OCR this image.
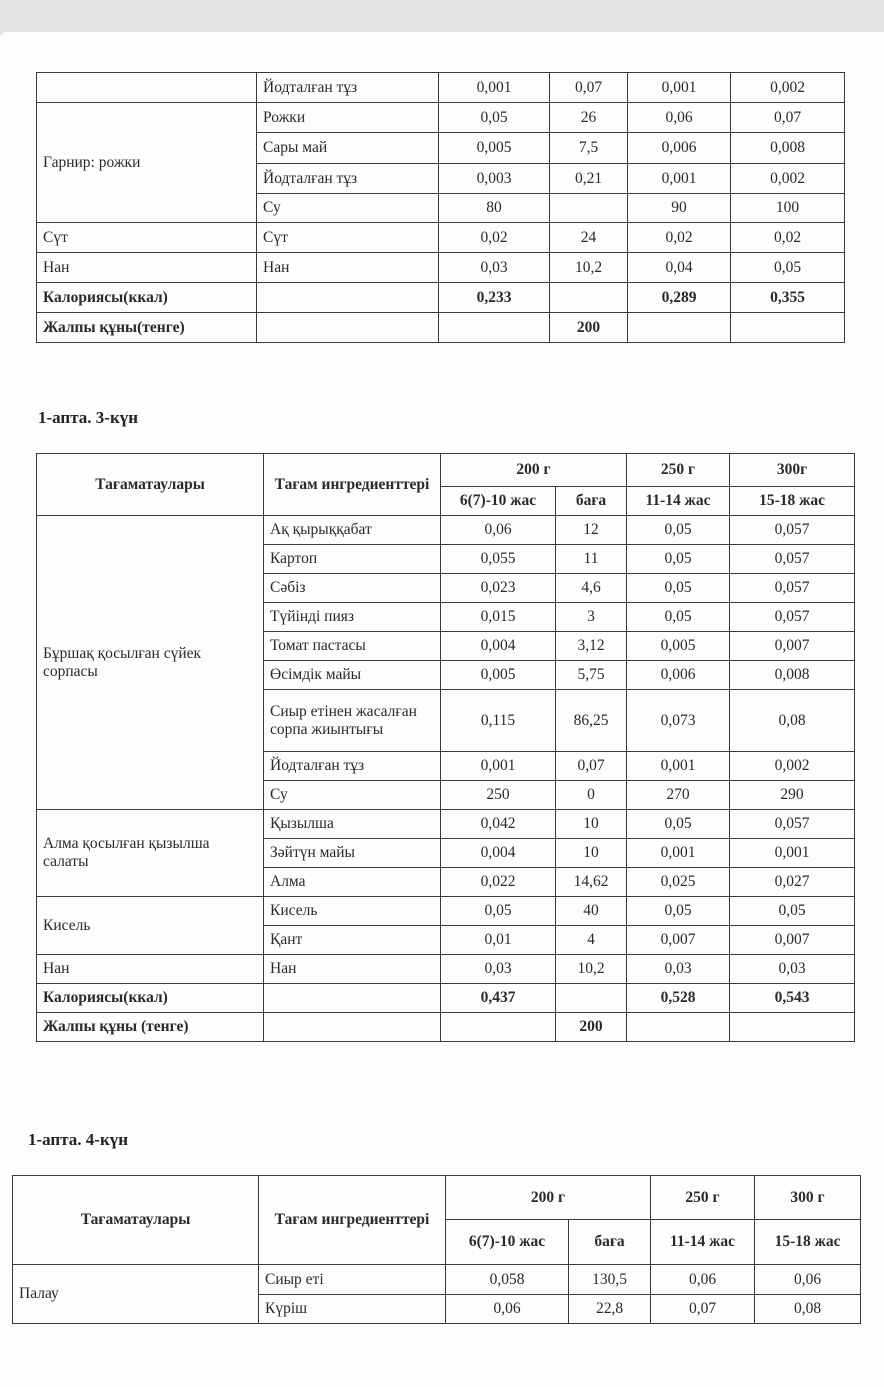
	Йодталған тұз	0,001	0,07	0,001	0,002
Гарнир: рожки	Рожки	0,05	26	0,06	0,07
	Сары май	0,005	7,5	0,006	0,008
	Йодталған тұз	0,003	0,21	0,001	0,002
	Су	80		90	100
Сүт	Сүт	0,02	24	0,02	0,02
Нан	Нан	0,03	10,2	0,04	0,05
Калориясы(ккал)		0,233		0,289	0,355
Жалпы құны(тенге)			200		
1-апта. 3-күн
Тағаматаулары	Тағам ингредиенттері	200 г		250 г	300г
		6(7)-10 жас	баға	11-14 жас	15-18 жас
Бұршақ қосылған сүйек сорпасы	Ақ қырыққабат	0,06	12	0,05	0,057
	Картоп	0,055	11	0,05	0,057
	Сәбіз	0,023	4,6	0,05	0,057
	Түйінді пияз	0,015	3	0,05	0,057
	Томат пастасы	0,004	3,12	0,005	0,007
	Өсімдік майы	0,005	5,75	0,006	0,008
	Сиыр етінен жасалған сорпа жиынтығы	0,115	86,25	0,073	0,08
	Йодталған тұз	0,001	0,07	0,001	0,002
	Су	250	0	270	290
Алма қосылған қызылша салаты	Қызылша	0,042	10	0,05	0,057
	Зәйтүн майы	0,004	10	0,001	0,001
	Алма	0,022	14,62	0,025	0,027
Кисель	Кисель	0,05	40	0,05	0,05
	Қант	0,01	4	0,007	0,007
Нан	Нан	0,03	10,2	0,03	0,03
Калориясы(ккал)		0,437		0,528	0,543
Жалпы құны (тенге)			200		
1-апта. 4-күн
Тағаматаулары	Тағам ингредиенттері	200 г		250 г	300 г
		6(7)-10 жас	баға	11-14 жас	15-18 жас
Палау	Сиыр еті	0,058	130,5	0,06	0,06
	Күріш	0,06	22,8	0,07	0,08
